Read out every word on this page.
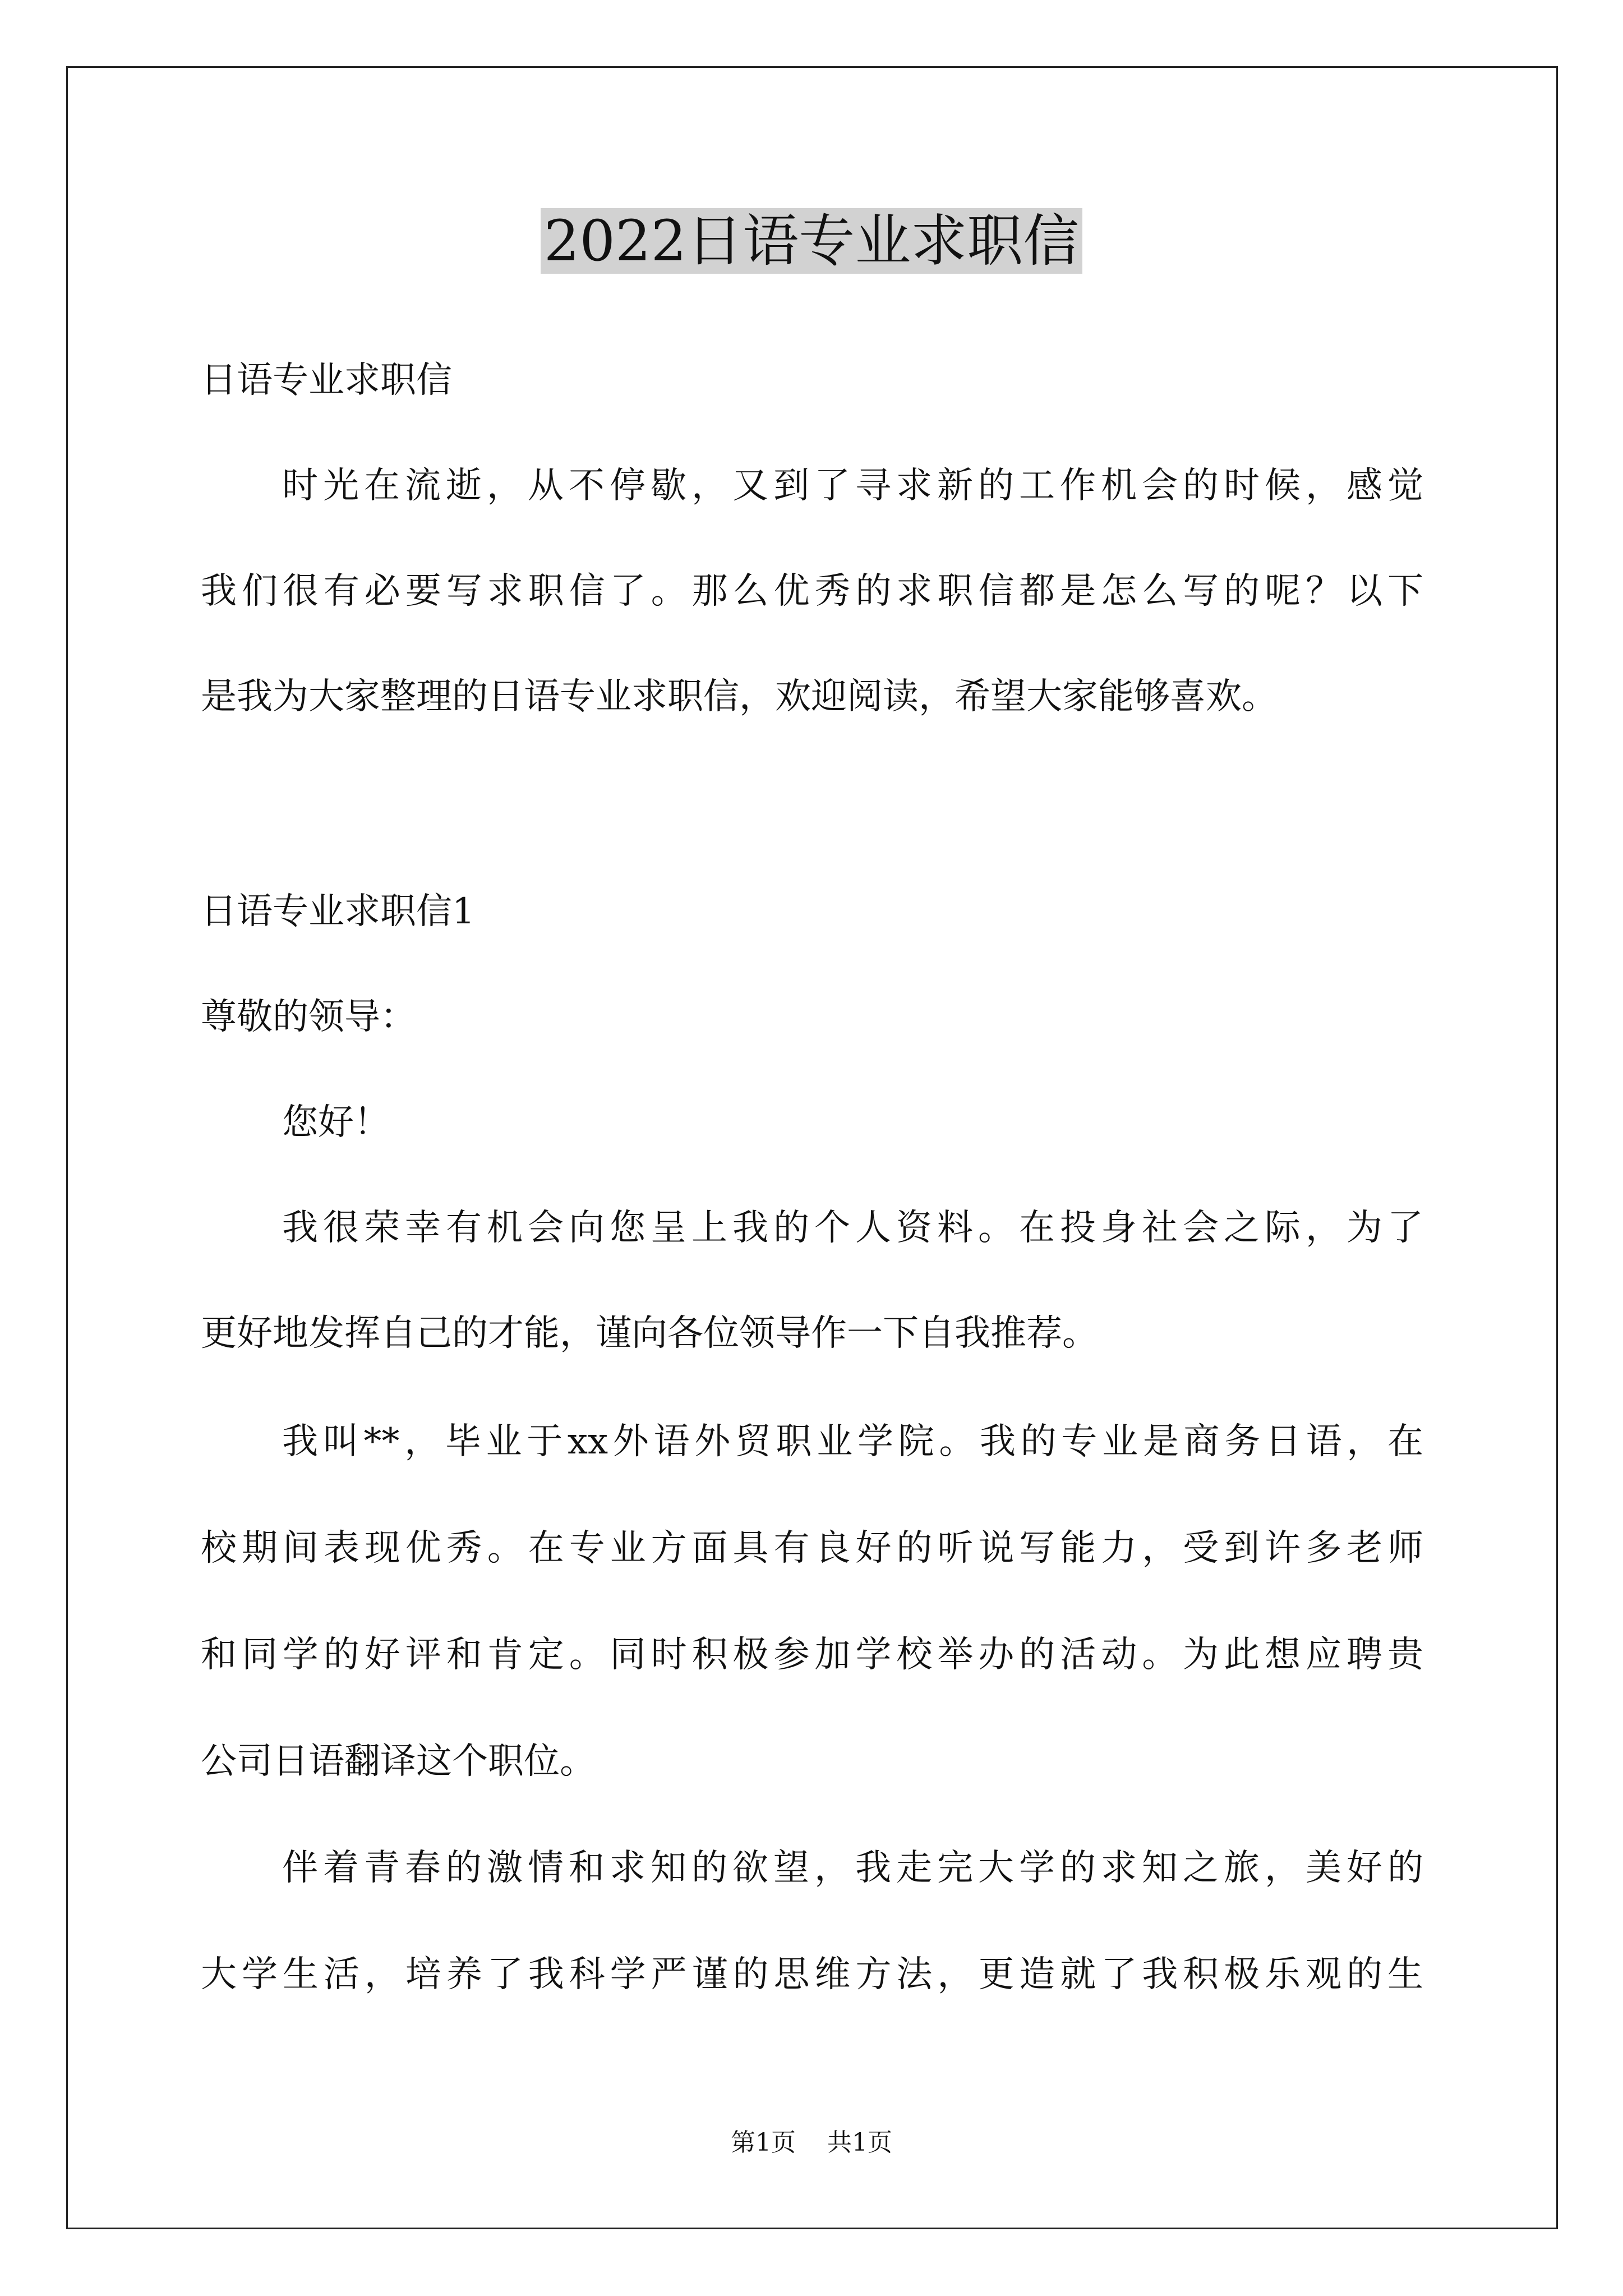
2022日语专业求职信
日语专业求职信
时光在流逝，从不停歇，又到了寻求新的工作机会的时候，感觉
我们很有必要写求职信了。那么优秀的求职信都是怎么写的呢？以下
是我为大家整理的日语专业求职信，欢迎阅读，希望大家能够喜欢。
日语专业求职信1
尊敬的领导：
您好！
我很荣幸有机会向您呈上我的个人资料。在投身社会之际，为了
更好地发挥自己的才能，谨向各位领导作一下自我推荐。
我叫**，毕业于xx外语外贸职业学院。我的专业是商务日语，在
校期间表现优秀。在专业方面具有良好的听说写能力，受到许多老师
和同学的好评和肯定。同时积极参加学校举办的活动。为此想应聘贵
公司日语翻译这个职位。
伴着青春的激情和求知的欲望，我走完大学的求知之旅，美好的
大学生活，培养了我科学严谨的思维方法，更造就了我积极乐观的生
第1页    共1页
